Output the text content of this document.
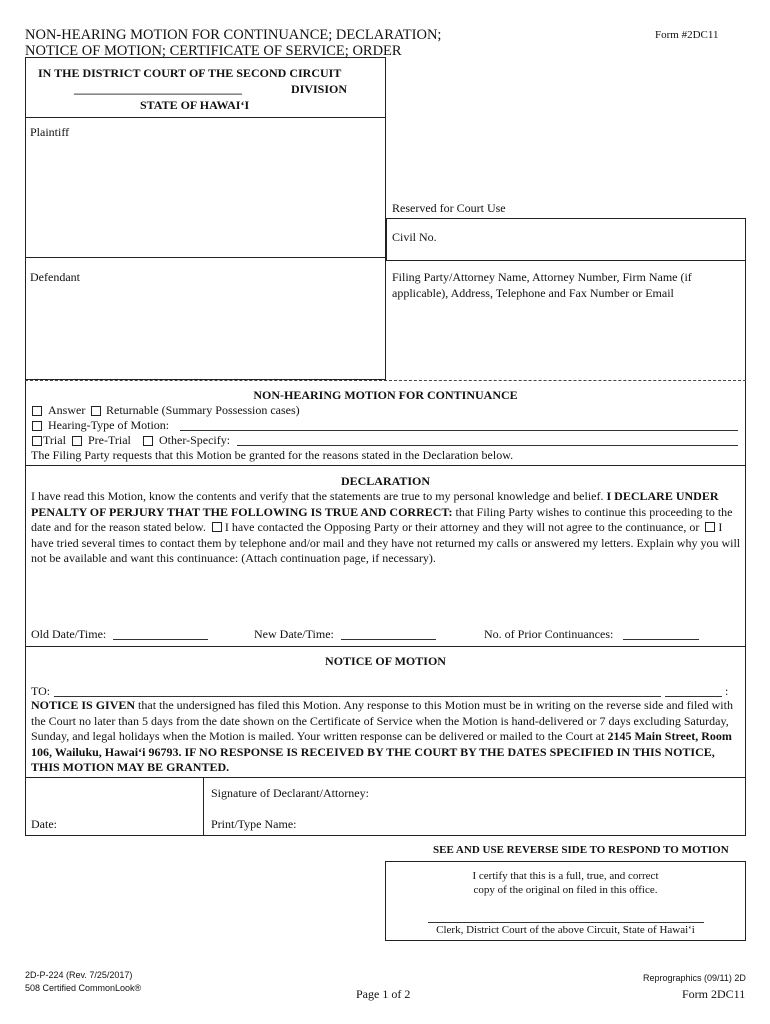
NON-HEARING MOTION FOR CONTINUANCE; DECLARATION;
NOTICE OF MOTION; CERTIFICATE OF SERVICE; ORDER
Form #2DC11
IN THE DISTRICT COURT OF THE SECOND CIRCUIT
____________________________	DIVISION
STATE OF HAWAI‘I
Plaintiff
Defendant
Reserved for Court Use
Civil No.
Filing Party/Attorney Name, Attorney Number, Firm Name (if
applicable), Address, Telephone and Fax Number or Email
NON-HEARING MOTION FOR CONTINUANCE
Answer Returnable (Summary Possession cases)
Hearing-Type of Motion:
Trial Pre-Trial Other-Specify:
The Filing Party requests that this Motion be granted for the reasons stated in the Declaration below.
DECLARATION
I have read this Motion, know the contents and verify that the statements are true to my personal knowledge and belief. I DECLARE UNDER PENALTY OF PERJURY THAT THE FOLLOWING IS TRUE AND CORRECT: that Filing Party wishes to continue this proceeding to the date and for the reason stated below. I have contacted the Opposing Party or their attorney and they will not agree to the continuance, or I have tried several times to contact them by telephone and/or mail and they have not returned my calls or answered my letters. Explain why you will not be available and want this continuance: (Attach continuation page, if necessary).
Old Date/Time:	New Date/Time:	No. of Prior Continuances:
NOTICE OF MOTION
TO:	:
NOTICE IS GIVEN that the undersigned has filed this Motion. Any response to this Motion must be in writing on the reverse side and filed with the Court no later than 5 days from the date shown on the Certificate of Service when the Motion is hand-delivered or 7 days excluding Saturday, Sunday, and legal holidays when the Motion is mailed. Your written response can be delivered or mailed to the Court at 2145 Main Street, Room 106, Wailuku, Hawai‘i 96793. IF NO RESPONSE IS RECEIVED BY THE COURT BY THE DATES SPECIFIED IN THIS NOTICE, THIS MOTION MAY BE GRANTED.
Signature of Declarant/Attorney:
Date:	Print/Type Name:
SEE AND USE REVERSE SIDE TO RESPOND TO MOTION
I certify that this is a full, true, and correct
copy of the original on filed in this office.
Clerk, District Court of the above Circuit, State of Hawai‘i
2D-P-224 (Rev. 7/25/2017)
508 Certified CommonLook®	Page 1 of 2
Reprographics (09/11) 2D
Form 2DC11
